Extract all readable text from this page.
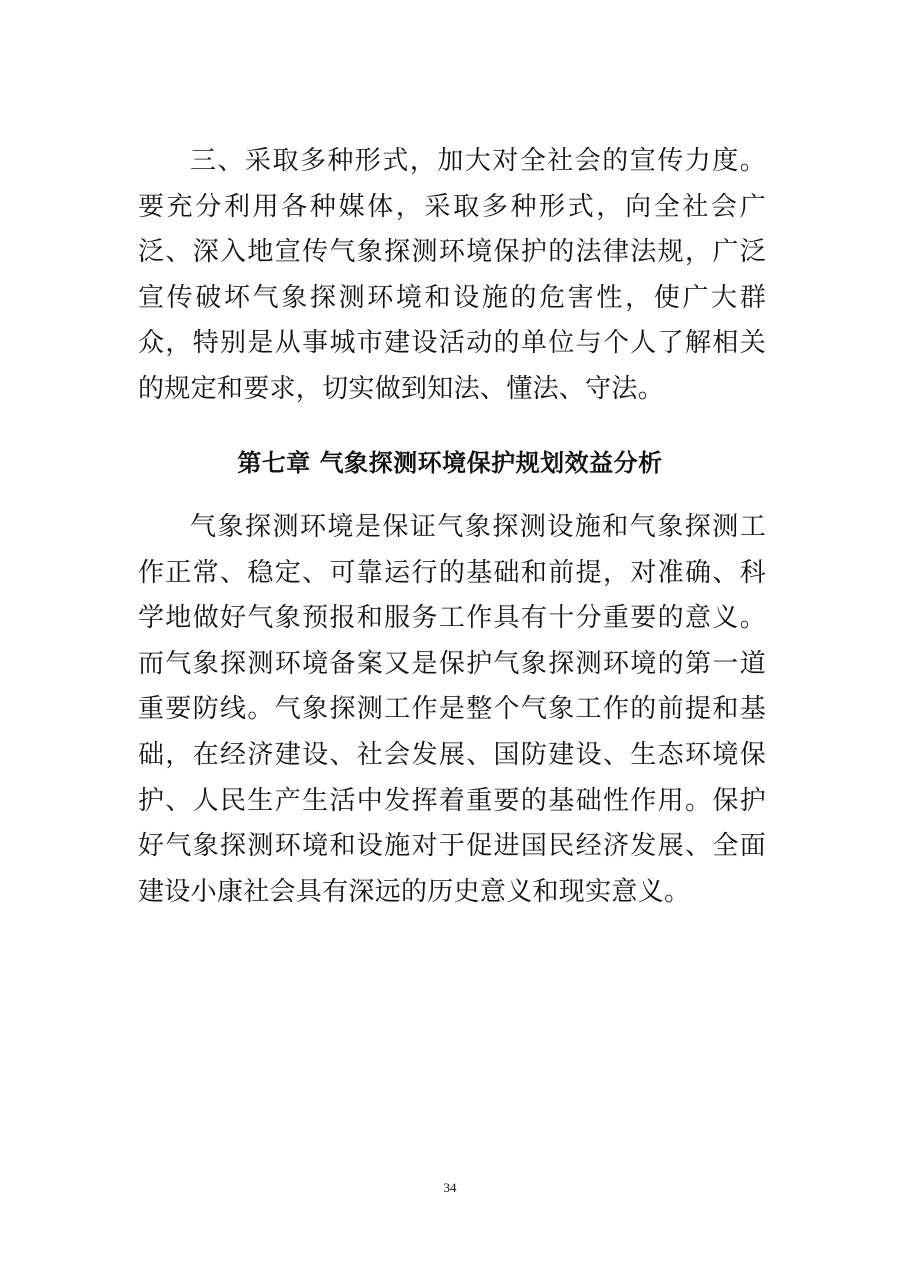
三、采取多种形式，加大对全社会的宣传力度。要充分利用各种媒体，采取多种形式，向全社会广泛、深入地宣传气象探测环境保护的法律法规，广泛宣传破坏气象探测环境和设施的危害性，使广大群众，特别是从事城市建设活动的单位与个人了解相关的规定和要求，切实做到知法、懂法、守法。

第七章 气象探测环境保护规划效益分析

气象探测环境是保证气象探测设施和气象探测工作正常、稳定、可靠运行的基础和前提，对准确、科学地做好气象预报和服务工作具有十分重要的意义。而气象探测环境备案又是保护气象探测环境的第一道重要防线。气象探测工作是整个气象工作的前提和基础，在经济建设、社会发展、国防建设、生态环境保护、人民生产生活中发挥着重要的基础性作用。保护好气象探测环境和设施对于促进国民经济发展、全面建设小康社会具有深远的历史意义和现实意义。

34
